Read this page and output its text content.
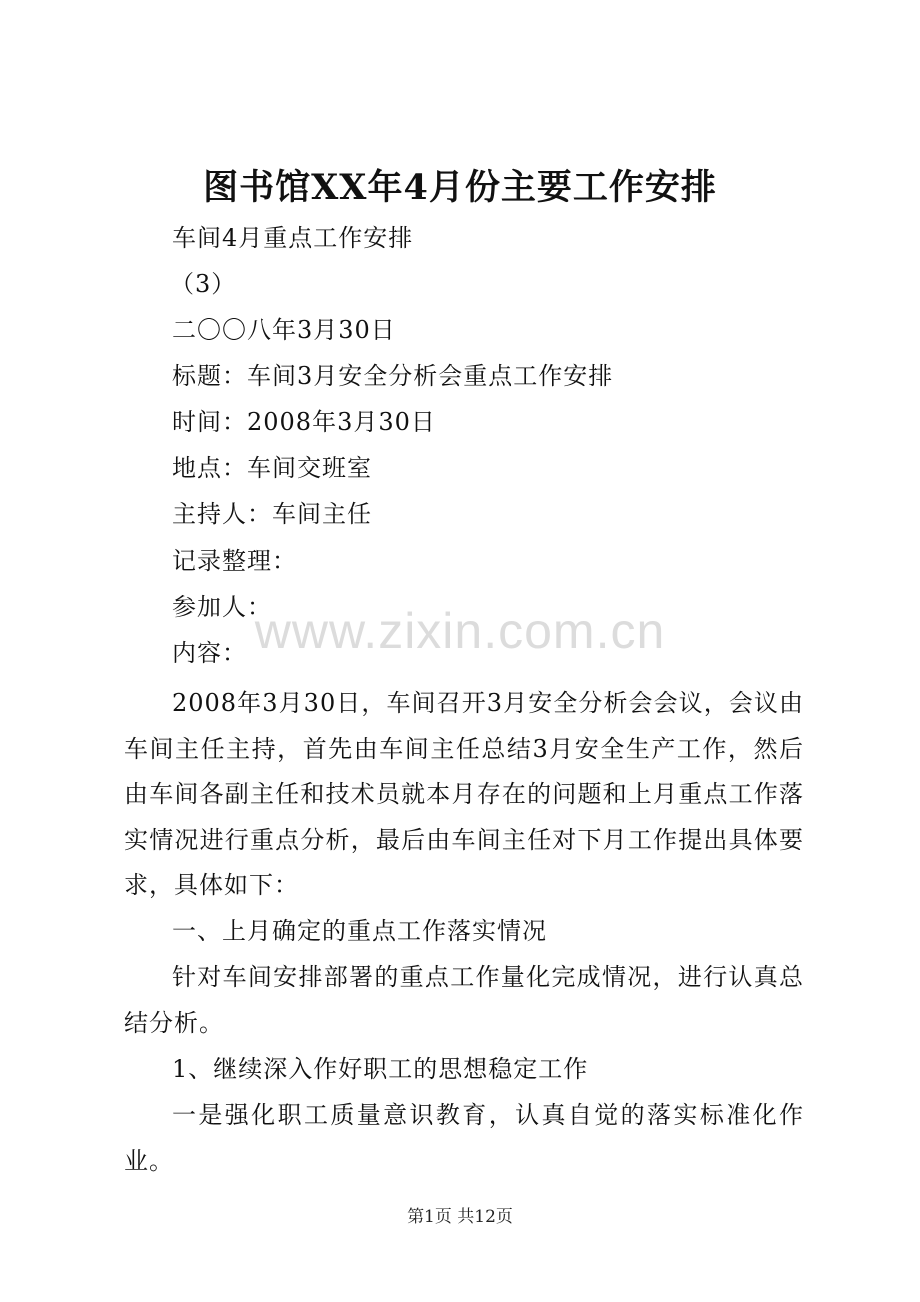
图书馆XX年4月份主要工作安排
车间4月重点工作安排
（3）
二〇〇八年3月30日
标题：车间3月安全分析会重点工作安排
时间：2008年3月30日
地点：车间交班室
主持人：车间主任
记录整理：
参加人：
内容：

2008年3月30日，车间召开3月安全分析会会议，会议由车间主任主持，首先由车间主任总结3月安全生产工作，然后由车间各副主任和技术员就本月存在的问题和上月重点工作落实情况进行重点分析，最后由车间主任对下月工作提出具体要求，具体如下：

一、上月确定的重点工作落实情况

针对车间安排部署的重点工作量化完成情况，进行认真总结分析。

1、继续深入作好职工的思想稳定工作

一是强化职工质量意识教育，认真自觉的落实标准化作业。

www.zixin.com.cn
第1页 共12页
